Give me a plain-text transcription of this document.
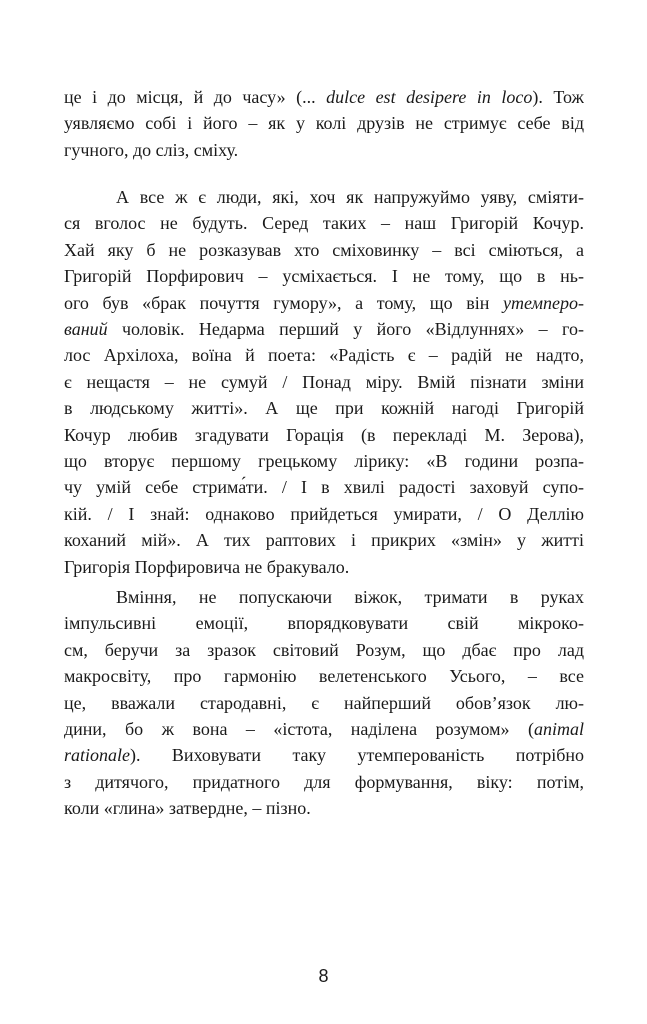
це і до місця, й до часу» (... dulce est desipere in loco). Тож
уявляємо собі і його – як у колі друзів не стримує себе від
гучного, до сліз, сміху.
А все ж є люди, які, хоч як напружуймо уяву, сміяти-
ся вголос не будуть. Серед таких – наш Григорій Кочур.
Хай яку б не розказував хто смiховинку – всі сміються, а
Григорій Порфирович – усміхається. І не тому, що в нь-
ого був «брак почуття гумору», а тому, що він утемперо-
ваний чоловік. Недарма перший у його «Відлуннях» – го-
лос Архілоха, воїна й поета: «Радість є – радій не надто,
є нещастя – не сумуй / Понад міру. Вмій пізнати зміни
в людському житті». А ще при кожній нагоді Григорій
Кочур любив згадувати Горація (в перекладі М. Зерова),
що вторує першому грецькому лірику: «В години розпа-
чу умій себе стрима́ти. / І в хвилі радості заховуй супо-
кій. / І знай: однаково прийдеться умирати, / О Деллію
коханий мій». А тих раптових і прикрих «змін» у житті
Григорія Порфировича не бракувало.
Вміння, не попускаючи віжок, тримати в руках
імпульсивні емоції, впорядковувати свій мікроко-
см, беручи за зразок світовий Розум, що дбає про лад
макросвіту, про гармонію велетенського Усього, – все
це, вважали стародавні, є найперший обов’язок лю-
дини, бо ж вона – «істота, наділена розумом» (animal
rationale). Виховувати таку утемперованість потрібно
з дитячого, придатного для формування, віку: потім,
коли «глина» затвердне, – пізно.
8
